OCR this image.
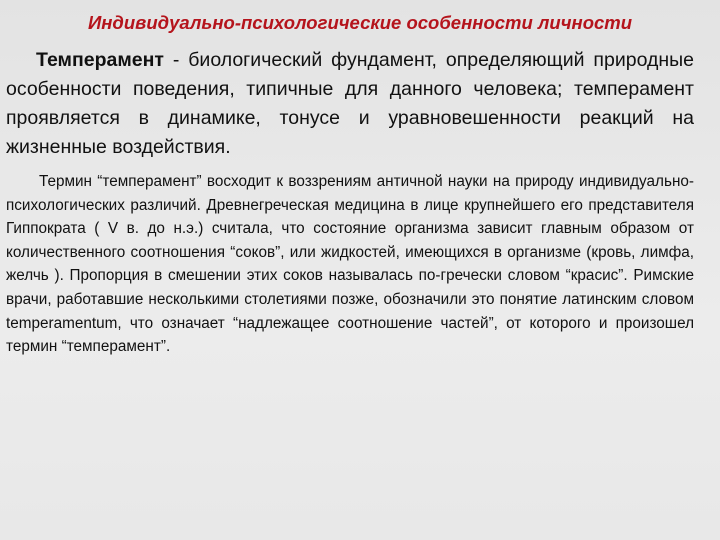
Индивидуально-психологические особенности личности

Темперамент - биологический фундамент, определяющий природные особенности поведения, типичные для данного человека; темперамент проявляется в динамике, тонусе и уравновешенности реакций на жизненные воздействия.

Термин “темперамент” восходит к воззрениям античной науки на природу индивидуально-психологических различий. Древнегреческая медицина в лице крупнейшего его представителя Гиппократа ( V в. до н.э.) считала, что состояние организма зависит главным образом от количественного соотношения “соков”, или жидкостей, имеющихся в организме (кровь, лимфа, желчь ). Пропорция в смешении этих соков называлась по-гречески словом “красис”. Римские врачи, работавшие несколькими столетиями позже, обозначили это понятие латинским словом temperamentum, что означает “надлежащее соотношение частей”, от которого и произошел термин “темперамент”.
